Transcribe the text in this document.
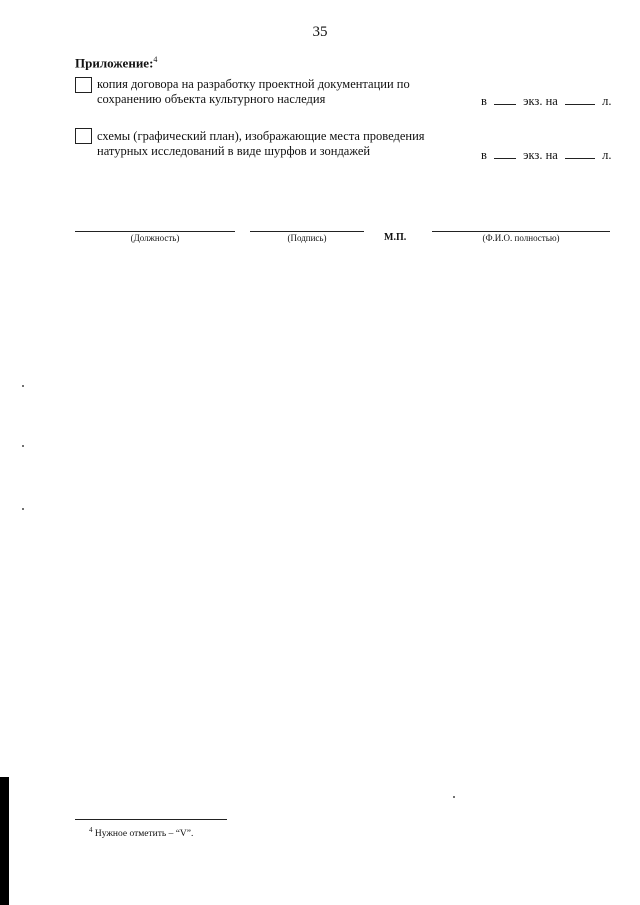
35
Приложение:$^4$
копия договора на разработку проектной документации по
сохранению объекта культурного наследия	в	экз. на	л.
схемы (графический план), изображающие места проведения
натурных исследований в виде шурфов и зондажей	в	экз. на	л.
(Должность)	(Подпись)	М.П.	(Ф.И.О. полностью)
$^4$ Нужное отметить – “V”.
